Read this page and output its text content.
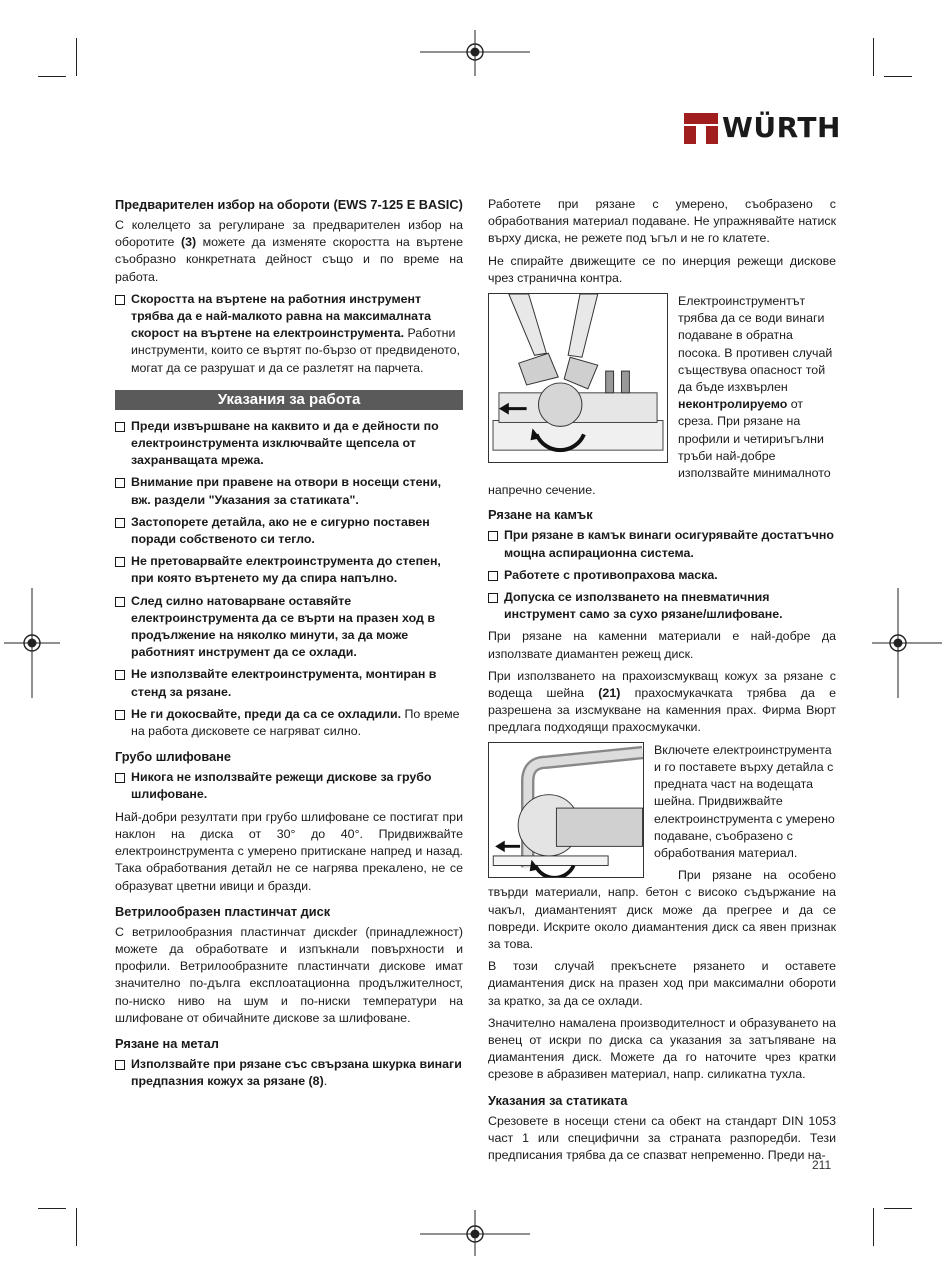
WÜRTH
Предварителен избор на обороти (EWS 7-125 E BASIC)

С колелцето за регулиране за предварителен избор на оборотите (3) можете да изменяте скоростта на въртене съобразно конкретната дейност също и по време на работа.

Скоростта на въртене на работния инструмент трябва да е най-малкото равна на максималната скорост на въртене на електроинструмента. Работни инструменти, които се въртят по-бързо от предвиденото, могат да се разрушат и да се разлетят на парчета.
Указания за работа
Преди извършване на каквито и да е дейности по електроинструмента изключвайте щепсела от захранващата мрежа.
Внимание при правене на отвори в носещи стени, вж. раздели "Указания за статиката".
Застопорете детайла, ако не е сигурно поставен поради собственото си тегло.
Не претоварвайте електроинструмента до степен, при която въртенето му да спира напълно.
След силно натоварване оставяйте електроинструмента да се върти на празен ход в продължение на няколко минути, за да може работният инструмент да се охлади.
Не използвайте електроинструмента, монтиран в стенд за рязане.
Не ги докосвайте, преди да са се охладили. По време на работа дисковете се нагряват силно.
Грубо шлифоване
Никога не използвайте режещи дискове за грубо шлифоване.

Най-добри резултати при грубо шлифоване се постигат при наклон на диска от 30° до 40°. Придвижвайте електроинструмента с умерено притискане напред и назад. Така обработвания детайл не се нагрява прекалено, не се образуват цветни ивици и бразди.

Ветрилообразен пластинчат диск

С ветрилообразния пластинчат дискdеr (принадлежност) можете да обработвате и изпъкнали повърхности и профили. Ветрилообразните пластинчати дискове имат значително по-дълга експлоатационна продължителност, по-ниско ниво на шум и по-ниски температури на шлифоване от обичайните дискове за шлифоване.

Рязане на метал
Използвайте при рязане със свързана шкурка винаги предпазния кожух за рязане (8).

Работете при рязане с умерено, съобразено с обработвания материал подаване. Не упражнявайте натиск върху диска, не режете под ъгъл и не го клатете.

Не спирайте движещите се по инерция режещи дискове чрез странична контра.

Електроинструментът трябва да се води винаги подаване в обратна посока. В противен случай съществува опасност той да бъде изхвърлен неконтролируемо от среза. При рязане на профили и четириъгълни тръби най-добре използвайте минималното напречно сечение.

Рязане на камък
При рязане в камък винаги осигурявайте достатъчно мощна аспирационна система.
Работете с противопрахова маска.
Допуска се използването на пневматичния инструмент само за сухо рязане/шлифоване.

При рязане на каменни материали е най-добре да използвате диамантен режещ диск.

При използването на прахоизсмукващ кожух за рязане с водеща шейна (21) прахосмукачката трябва да е разрешена за изсмукване на каменния прах. Фирма Вюрт предлага подходящи прахосмукачки.

Включете електроинструмента и го поставете върху детайла с предната част на водещата шейна. Придвижвайте електроинструмента с умерено подаване, съобразено с обработвания материал.

При рязане на особено твърди материали, напр. бетон с високо съдържание на чакъл, диамантеният диск може да прегрее и да се повреди. Искрите около диамантения диск са явен признак за това.

В този случай прекъснете рязането и оставете диамантения диск на празен ход при максимални обороти за кратко, за да се охлади.

Значително намалена производителност и образуването на венец от искри по диска са указания за затъпяване на диамантения диск. Можете да го наточите чрез кратки срезове в абразивен материал, напр. силикатна тухла.

Указания за статиката

Срезовете в носещи стени са обект на стандарт DIN 1053 част 1 или специфични за страната разпоредби. Тези предписания трябва да се спазват непременно. Преди на-

211
